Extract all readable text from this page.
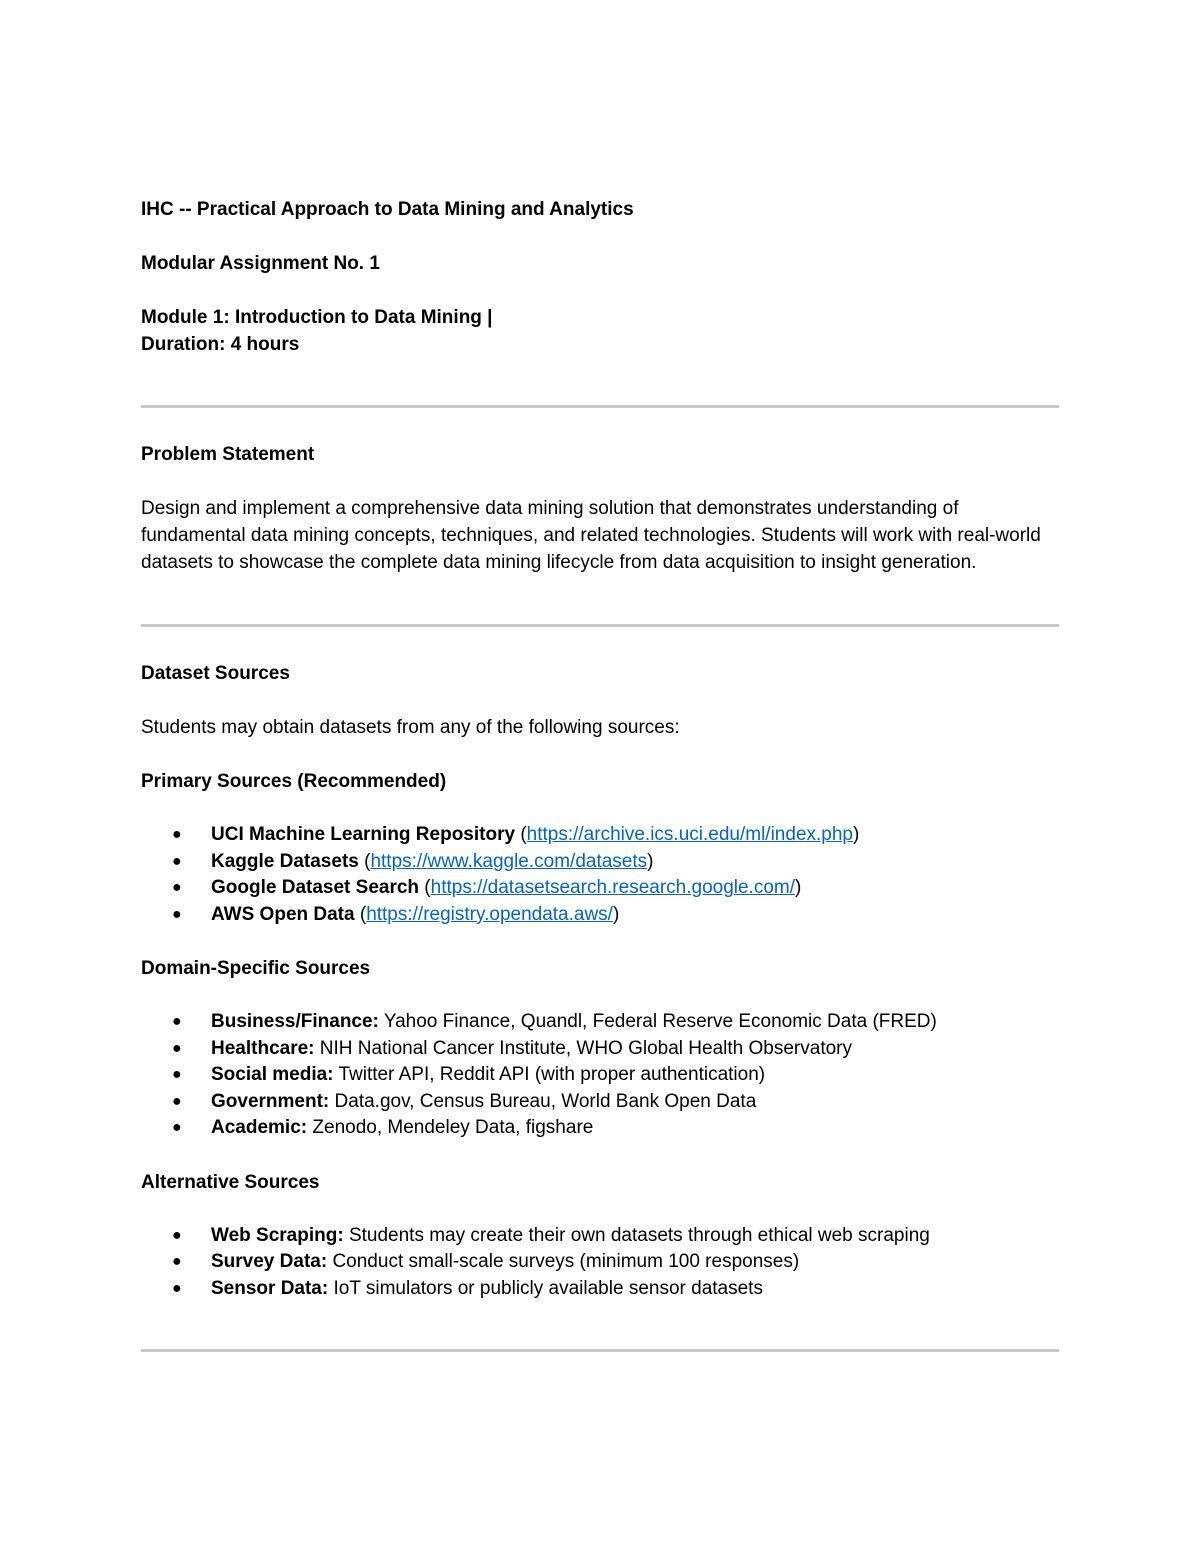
IHC -- Practical Approach to Data Mining and Analytics

Modular Assignment No. 1

Module 1: Introduction to Data Mining |

Duration: 4 hours

Problem Statement

Design and implement a comprehensive data mining solution that demonstrates understanding of fundamental data mining concepts, techniques, and related technologies. Students will work with real-world datasets to showcase the complete data mining lifecycle from data acquisition to insight generation.

Dataset Sources

Students may obtain datasets from any of the following sources:

Primary Sources (Recommended)

● UCI Machine Learning Repository (https://archive.ics.uci.edu/ml/index.php)
● Kaggle Datasets (https://www.kaggle.com/datasets)
● Google Dataset Search (https://datasetsearch.research.google.com/)
● AWS Open Data (https://registry.opendata.aws/)

Domain-Specific Sources

● Business/Finance: Yahoo Finance, Quandl, Federal Reserve Economic Data (FRED)
● Healthcare: NIH National Cancer Institute, WHO Global Health Observatory
● Social media: Twitter API, Reddit API (with proper authentication)
● Government: Data.gov, Census Bureau, World Bank Open Data
● Academic: Zenodo, Mendeley Data, figshare

Alternative Sources

● Web Scraping: Students may create their own datasets through ethical web scraping
● Survey Data: Conduct small-scale surveys (minimum 100 responses)
● Sensor Data: IoT simulators or publicly available sensor datasets
